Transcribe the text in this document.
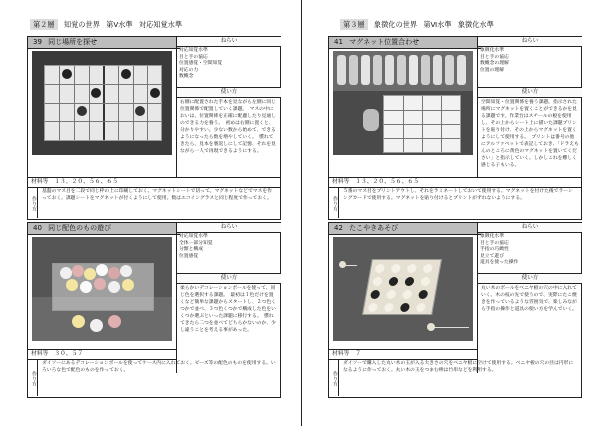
第２層 知覚の世界 第Ⅴ水準 対応知覚水準
39 同じ場所を探せ	ねらい
対応知覚水準
目と手の協応
位置感覚・空間知覚
対応の力
数概念
使い方
右側に配置された手本を見ながら左側に同じ位置関係で配置していく課題。　マスの中においは、位置関係を正確に配慮したり見通しのできる力を養う。　初めは右側に置くと、分かりやすい。少ない数から始めて、できるようになったら数を増やしていく。　慣れてきたら、見本を裏返しにして記憶、それを見ながら一人で再現できるようにする。
材料等　１３、２０、５６、６５
作り方
基盤のマス目を二段で同じ枠の上に印刷しておく。マグネットシートで切って。マグネットなどでマスを作っておく。課題シートをマグネットが付くようにして使用。数はエコイングラスと同じ程度で作っておく。
40 同じ配色のもの遊び	ねらい
対応知覚水準
全体－部分知覚
分類と構成
位置感覚
使い方
柔らかいデコレーションボールを使って、同じ色を選択する課題。　最初は１色だけを置くなど簡単な課題からスタートし、２つ色くつかで並べ、３つ色くつかで構成した色をいくつか選ぶといった課題に移行する。　慣れてきたら二つを並べてどちらかないのか、少し違うことを考える事があった。
材料等　３０、５７
作り方
ダイソーにあるデコレーションボールを使ってケース内に入れておく。ビーズ等の配色のものを使用する。いろいろな色で配色のものを作っておく。
第３層 象徴化の世界 第Ⅵ水準 象徴化水準
41 マグネット位置合わせ	ねらい
象徴化水準
目と手の協応
数概念の理解
位置の理解
使い方
空間知覚・位置関係を養う課題。指示された場所にマグネットを置くことができるかを見る課題です。作業台はスチールの板を使用し、その上からシート上に描いた課題プリントを貼り付け、その上からマグネットを置くようにして使用する。　プリントは番号の他にアルファベットで表記しておき、「ドラえもんのところに黄色のマグネットを置いてください」と指示していく。しかしこれを難しく感じる子もいる。
材料等　１３、２０、５６、６５
作り方
５番のマス目をプリントアウトし、それをラミネートしておいて使用する。マグネットを付けた後でラーシングカードで使用する。マグネットを貼り付けるとプリントがずれないようにする。
42 たこやきあそび	ねらい
象徴化水準
目と手の協応
手指の巧緻性
見立て遊び
道具を使った操作
使い方
丸い木のボールをベニヤ板の穴の中に入れていく。木の枝の先で使うので、実際にたこ焼きを作っているような雰囲気で、楽しみながら手指の操作と道具の使い方を学んでいく。
材料等　７
作り方
ダイソーで購入した丸い木の玉が入る大きさの穴をベニヤ板に空けて使用する。ベニヤ板の穴の径は円形になるように作っておく。丸い木の玉をつまむ棒は竹串などを利用する。
